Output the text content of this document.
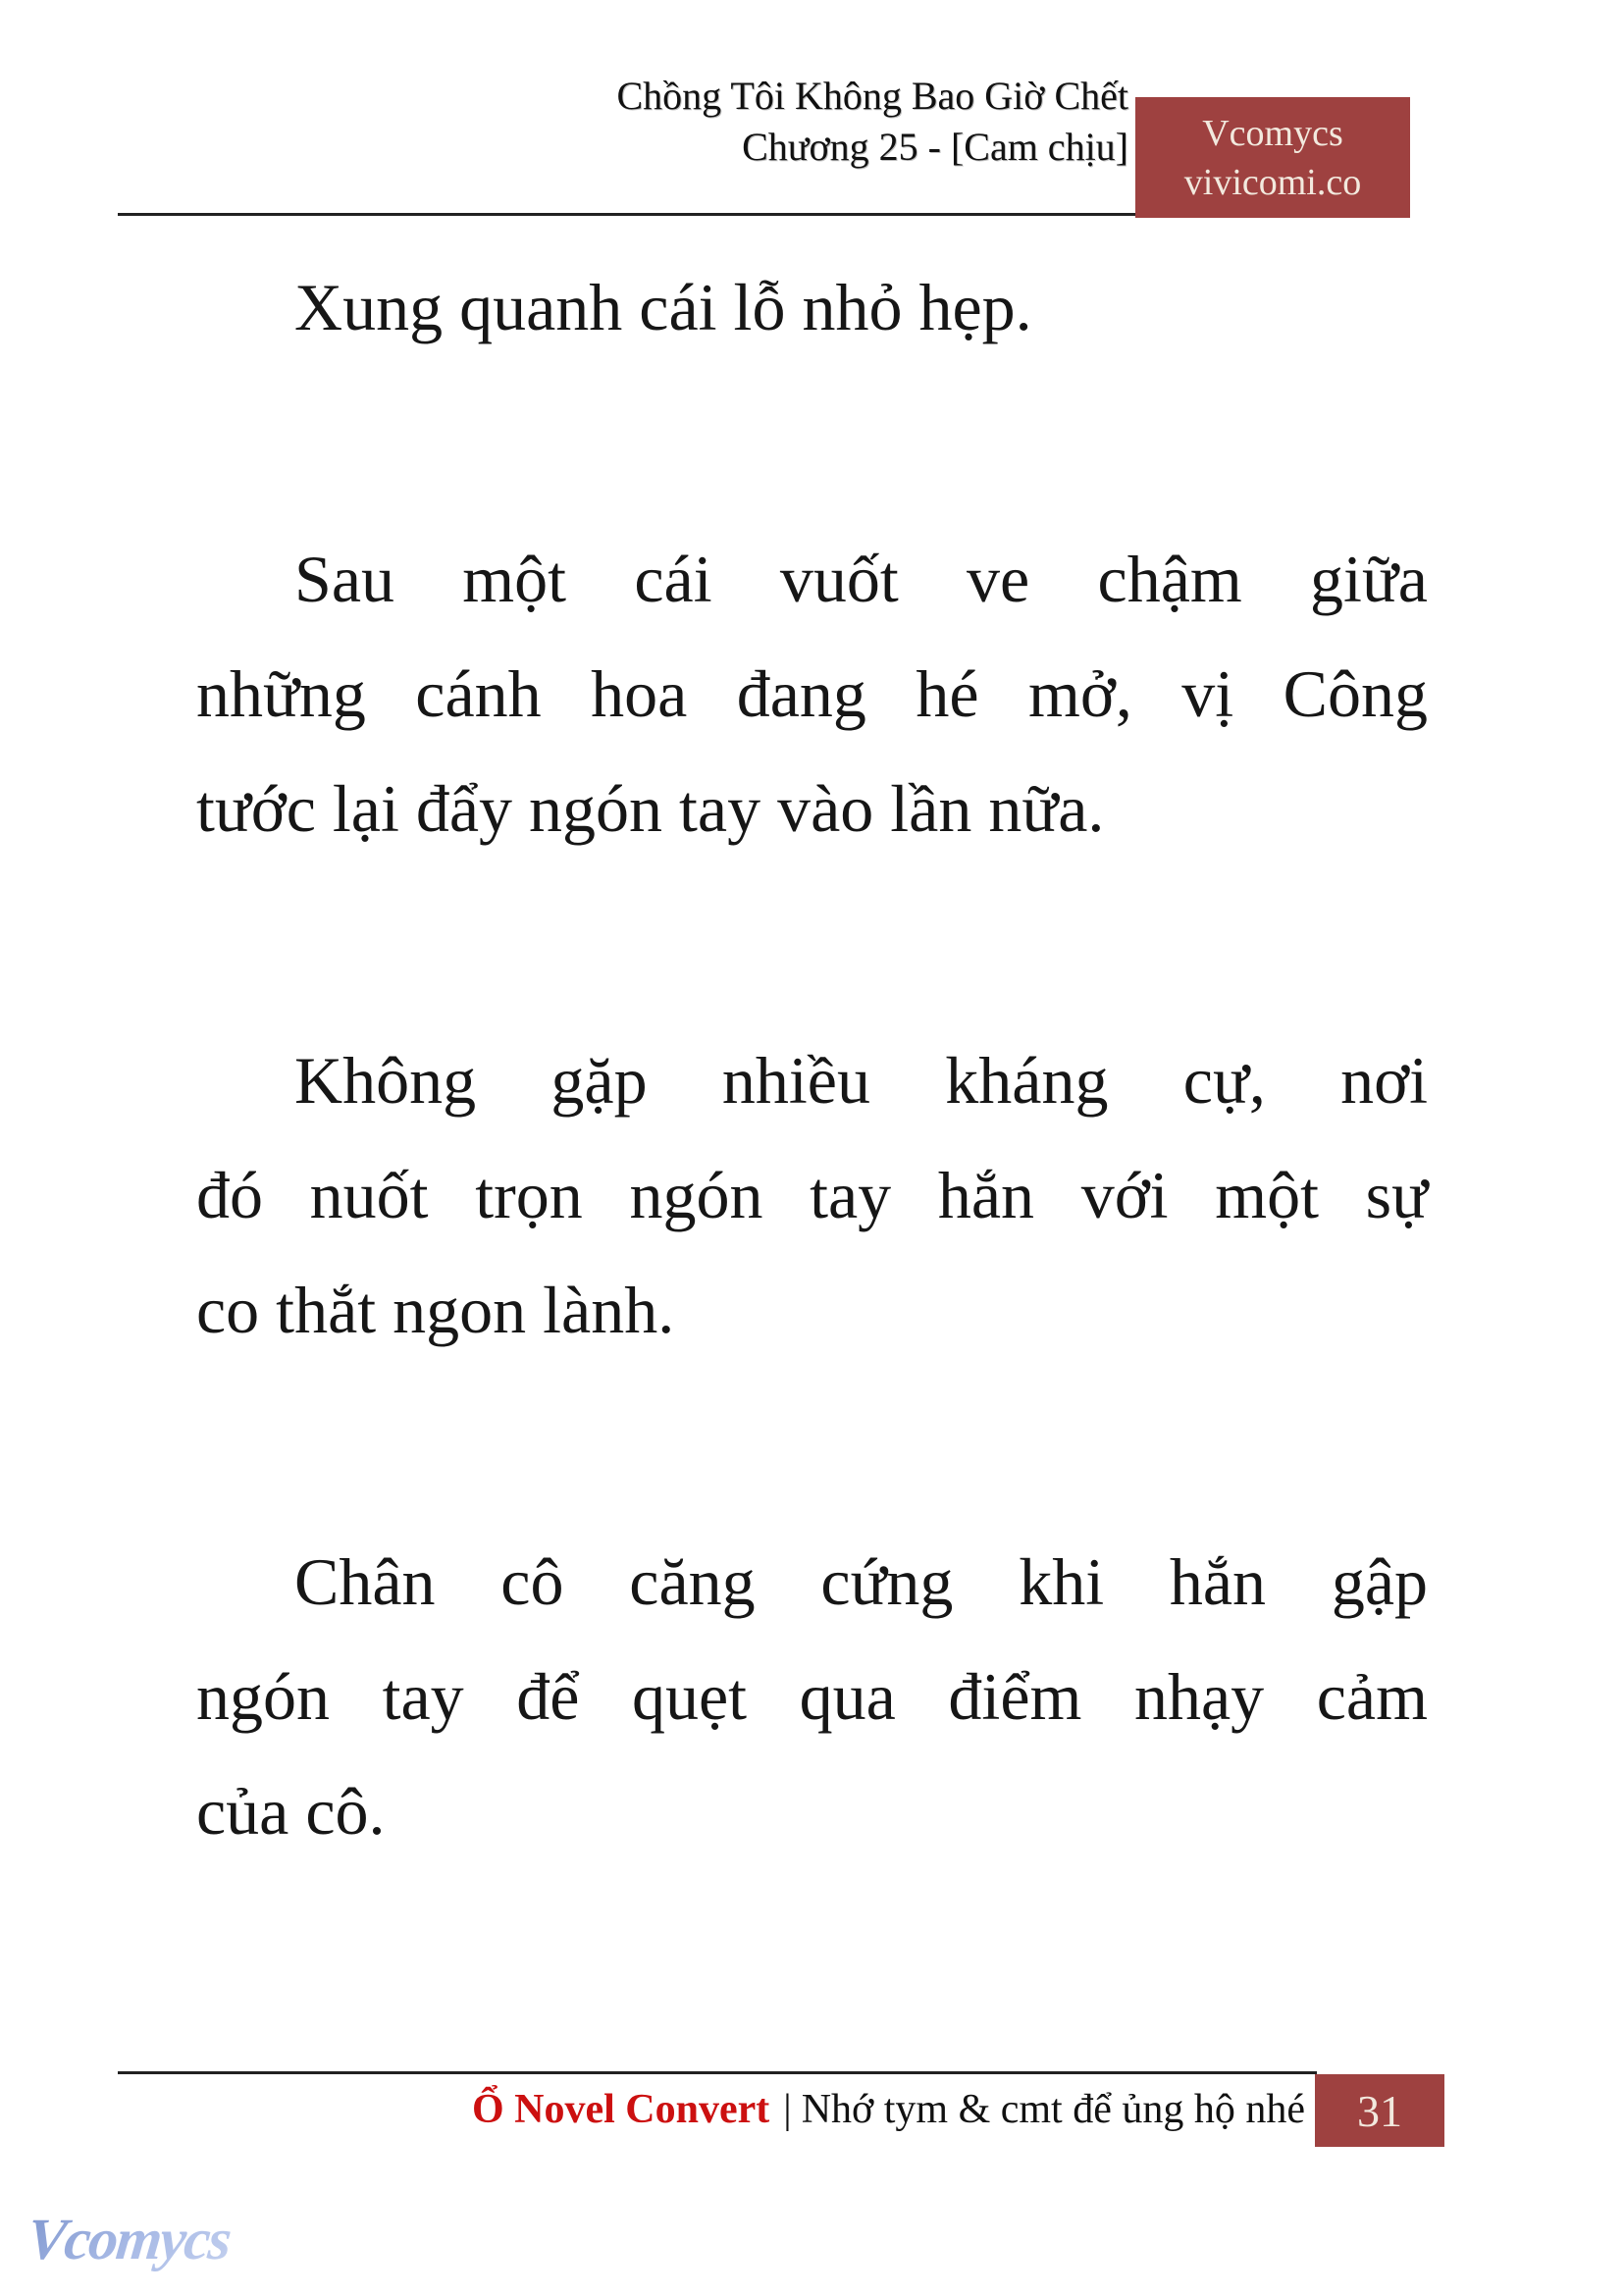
Chồng Tôi Không Bao Giờ Chết
Chương 25 - [Cam chịu]	Vcomycs
vivicomi.co
Xung quanh cái lỗ nhỏ hẹp.
Sau một cái vuốt ve chậm giữa
những cánh hoa đang hé mở, vị Công
tước lại đẩy ngón tay vào lần nữa.
Không gặp nhiều kháng cự, nơi
đó nuốt trọn ngón tay hắn với một sự
co thắt ngon lành.
Chân cô căng cứng khi hắn gập
ngón tay để quẹt qua điểm nhạy cảm
của cô.
Ổ Novel Convert | Nhớ tym & cmt để ủng hộ nhé 31
Vcomycs
